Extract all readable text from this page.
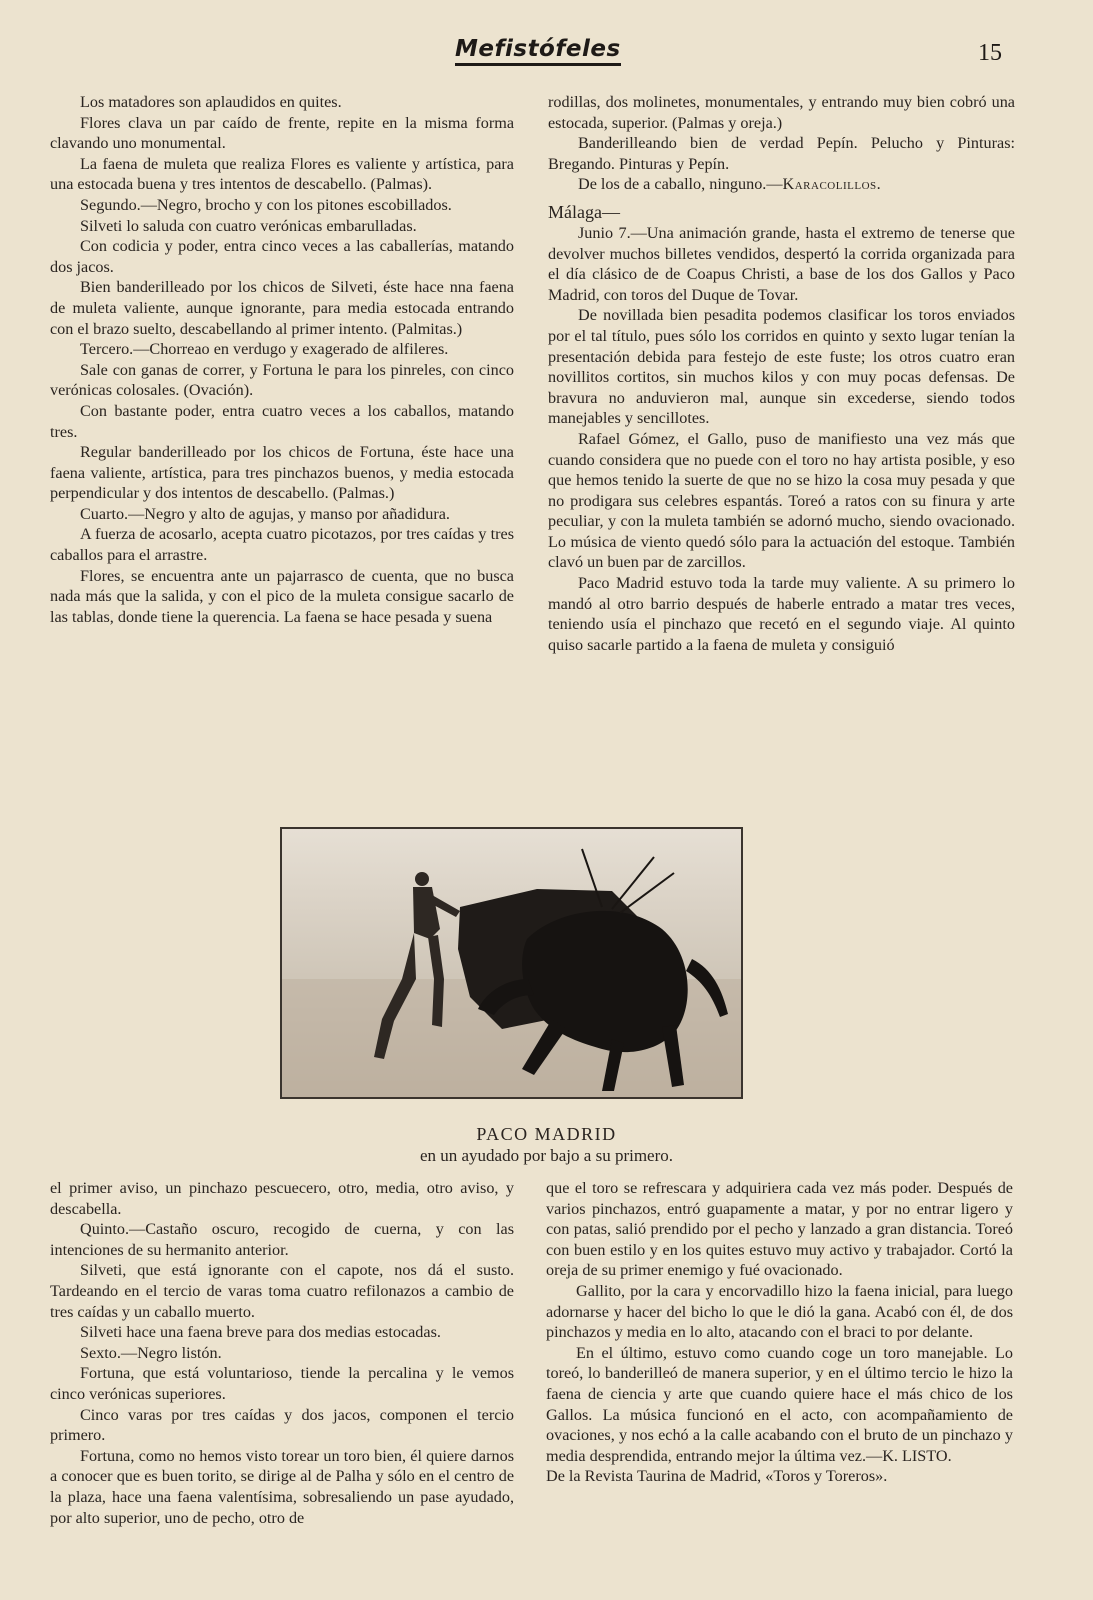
Mefistófeles	15

Los matadores son aplaudidos en quites.

Flores clava un par caído de frente, repite en la misma forma clavando uno monumental.

La faena de muleta que realiza Flores es valiente y artística, para una estocada buena y tres intentos de descabello. (Palmas).

Segundo.—Negro, brocho y con los pitones escobillados.

Silveti lo saluda con cuatro verónicas embarulladas.

Con codicia y poder, entra cinco veces a las caballerías, matando dos jacos.

Bien banderilleado por los chicos de Silveti, éste hace nna faena de muleta valiente, aunque ignorante, para media estocada entrando con el brazo suelto, descabellando al primer intento. (Palmitas.)

Tercero.—Chorreao en verdugo y exagerado de alfileres.

Sale con ganas de correr, y Fortuna le para los pinreles, con cinco verónicas colosales. (Ovación).

Con bastante poder, entra cuatro veces a los caballos, matando tres.

Regular banderilleado por los chicos de Fortuna, éste hace una faena valiente, artística, para tres pinchazos buenos, y media estocada perpendicular y dos intentos de descabello. (Palmas.)

Cuarto.—Negro y alto de agujas, y manso por añadidura.

A fuerza de acosarlo, acepta cuatro picotazos, por tres caídas y tres caballos para el arrastre.

Flores, se encuentra ante un pajarrasco de cuenta, que no busca nada más que la salida, y con el pico de la muleta consigue sacarlo de las tablas, donde tiene la querencia. La faena se hace pesada y suena

rodillas, dos molinetes, monumentales, y entrando muy bien cobró una estocada, superior. (Palmas y oreja.)

Banderilleando bien de verdad Pepín. Pelucho y Pinturas: Bregando. Pinturas y Pepín.

De los de a caballo, ninguno.—Karacolillos.

Málaga—

Junio 7.—Una animación grande, hasta el extremo de tenerse que devolver muchos billetes vendidos, despertó la corrida organizada para el día clásico de de Coapus Christi, a base de los dos Gallos y Paco Madrid, con toros del Duque de Tovar.

De novillada bien pesadita podemos clasificar los toros enviados por el tal título, pues sólo los corridos en quinto y sexto lugar tenían la presentación debida para festejo de este fuste; los otros cuatro eran novillitos cortitos, sin muchos kilos y con muy pocas defensas. De bravura no anduvieron mal, aunque sin excederse, siendo todos manejables y sencillotes.

Rafael Gómez, el Gallo, puso de manifiesto una vez más que cuando considera que no puede con el toro no hay artista posible, y eso que hemos tenido la suerte de que no se hizo la cosa muy pesada y que no prodigara sus celebres espantás. Toreó a ratos con su finura y arte peculiar, y con la muleta también se adornó mucho, siendo ovacionado. Lo música de viento quedó sólo para la actuación del estoque. También clavó un buen par de zarcillos.

Paco Madrid estuvo toda la tarde muy valiente. A su primero lo mandó al otro barrio después de haberle entrado a matar tres veces, teniendo usía el pinchazo que recetó en el segundo viaje. Al quinto quiso sacarle partido a la faena de muleta y consiguió

PACO MADRID
en un ayudado por bajo a su primero.

el primer aviso, un pinchazo pescuecero, otro, media, otro aviso, y descabella.

Quinto.—Castaño oscuro, recogido de cuerna, y con las intenciones de su hermanito anterior.

Silveti, que está ignorante con el capote, nos dá el susto. Tardeando en el tercio de varas toma cuatro refilonazos a cambio de tres caídas y un caballo muerto.

Silveti hace una faena breve para dos medias estocadas.

Sexto.—Negro listón.

Fortuna, que está voluntarioso, tiende la percalina y le vemos cinco verónicas superiores.

Cinco varas por tres caídas y dos jacos, componen el tercio primero.

Fortuna, como no hemos visto torear un toro bien, él quiere darnos a conocer que es buen torito, se dirige al de Palha y sólo en el centro de la plaza, hace una faena valentísima, sobresaliendo un pase ayudado, por alto superior, uno de pecho, otro de

que el toro se refrescara y adquiriera cada vez más poder. Después de varios pinchazos, entró guapamente a matar, y por no entrar ligero y con patas, salió prendido por el pecho y lanzado a gran distancia. Toreó con buen estilo y en los quites estuvo muy activo y trabajador. Cortó la oreja de su primer enemigo y fué ovacionado.

Gallito, por la cara y encorvadillo hizo la faena inicial, para luego adornarse y hacer del bicho lo que le dió la gana. Acabó con él, de dos pinchazos y media en lo alto, atacando con el braci to por delante.

En el último, estuvo como cuando coge un toro manejable. Lo toreó, lo banderilleó de manera superior, y en el último tercio le hizo la faena de ciencia y arte que cuando quiere hace el más chico de los Gallos. La música funcionó en el acto, con acompañamiento de ovaciones, y nos echó a la calle acabando con el bruto de un pinchazo y media desprendida, entrando mejor la última vez.—K. LISTO.

De la Revista Taurina de Madrid, «Toros y Toreros».
